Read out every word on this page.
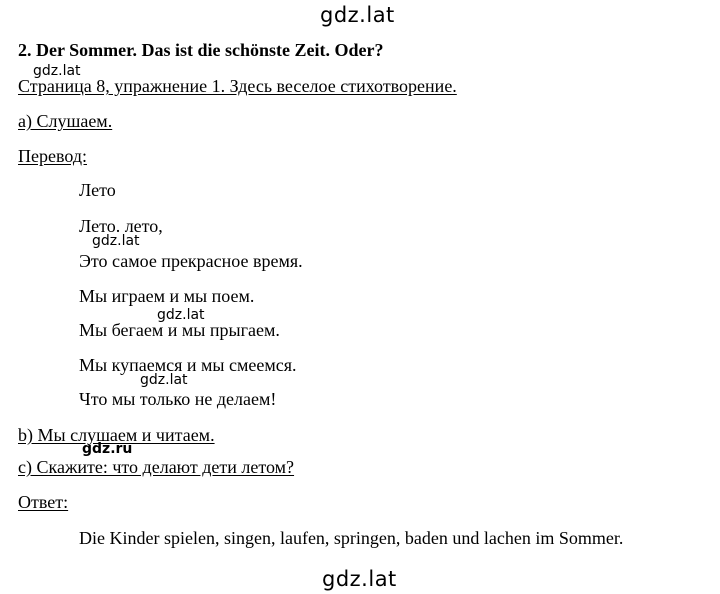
gdz.lat
gdz.lat
gdz.lat
gdz.lat
gdz.lat
gdz.ru
gdz.lat
2. Der Sommer. Das ist die schönste Zeit. Oder?
Страница 8, упражнение 1. Здесь веселое стихотворение.
a) Слушаем.
Перевод:
Лето
Лето. лето,
Это самое прекрасное время.
Мы играем и мы поем.
Мы бегаем и мы прыгаем.
Мы купаемся и мы смеемся.
Что мы только не делаем!
b) Мы слушаем и читаем.
c) Скажите: что делают дети летом?
Ответ:
Die Kinder spielen, singen, laufen, springen, baden und lachen im Sommer.
